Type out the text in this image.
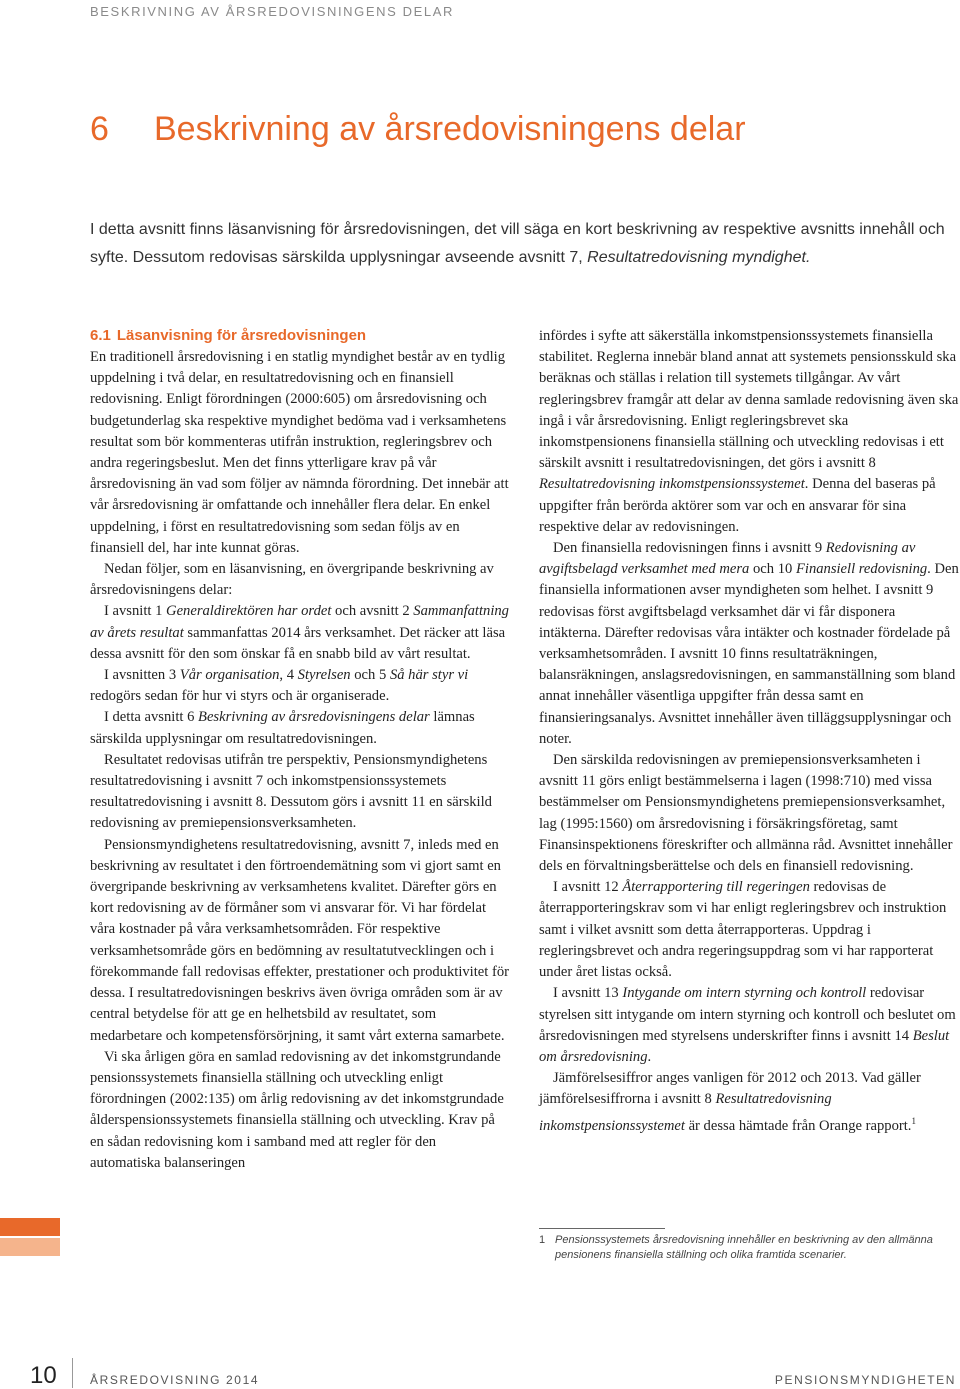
BESKRIVNING AV ÅRSREDOVISNINGENS DELAR
6 Beskrivning av årsredovisningens delar
I detta avsnitt finns läsanvisning för årsredovisningen, det vill säga en kort beskrivning av respektive avsnitts innehåll och syfte. Dessutom redovisas särskilda upplysningar avseende avsnitt 7, Resultatredovisning myndighet.
6.1 Läsanvisning för årsredovisningen

En traditionell årsredovisning i en statlig myndighet består av en tydlig uppdelning i två delar, en resultatredovisning och en finansiell redovisning. Enligt förordningen (2000:605) om årsredovisning och budgetunderlag ska respektive myndighet bedöma vad i verksamhetens resultat som bör kommenteras utifrån instruktion, regleringsbrev och andra regeringsbeslut. Men det finns ytterligare krav på vår årsredovisning än vad som följer av nämnda förordning. Det innebär att vår årsredovisning är omfattande och innehåller flera delar. En enkel uppdelning, i först en resultatredovisning som sedan följs av en finansiell del, har inte kunnat göras.

Nedan följer, som en läsanvisning, en övergripande beskrivning av årsredovisningens delar:

I avsnitt 1 Generaldirektören har ordet och avsnitt 2 Sammanfattning av årets resultat sammanfattas 2014 års verksamhet. Det räcker att läsa dessa avsnitt för den som önskar få en snabb bild av vårt resultat.

I avsnitten 3 Vår organisation, 4 Styrelsen och 5 Så här styr vi redogörs sedan för hur vi styrs och är organiserade.

I detta avsnitt 6 Beskrivning av årsredovisningens delar lämnas särskilda upplysningar om resultatredovisningen.

Resultatet redovisas utifrån tre perspektiv, Pensionsmyndighetens resultatredovisning i avsnitt 7 och inkomstpensionssystemets resultatredovisning i avsnitt 8. Dessutom görs i avsnitt 11 en särskild redovisning av premiepensionsverksamheten.

Pensionsmyndighetens resultatredovisning, avsnitt 7, inleds med en beskrivning av resultatet i den förtroendemätning som vi gjort samt en övergripande beskrivning av verksamhetens kvalitet. Därefter görs en kort redovisning av de förmåner som vi ansvarar för. Vi har fördelat våra kostnader på våra verksamhetsområden. För respektive verksamhetsområde görs en bedömning av resultatutvecklingen och i förekommande fall redovisas effekter, prestationer och produktivitet för dessa. I resultatredovisningen beskrivs även övriga områden som är av central betydelse för att ge en helhetsbild av resultatet, som medarbetare och kompetensförsörjning, it samt vårt externa samarbete.

Vi ska årligen göra en samlad redovisning av det inkomstgrundande pensionssystemets finansiella ställning och utveckling enligt förordningen (2002:135) om årlig redovisning av det inkomstgrundade ålderspensionssystemets finansiella ställning och utveckling. Krav på en sådan redovisning kom i samband med att regler för den automatiska balanseringen

infördes i syfte att säkerställa inkomstpensionssystemets finansiella stabilitet. Reglerna innebär bland annat att systemets pensionsskuld ska beräknas och ställas i relation till systemets tillgångar. Av vårt regleringsbrev framgår att delar av denna samlade redovisning även ska ingå i vår årsredovisning. Enligt regleringsbrevet ska inkomstpensionens finansiella ställning och utveckling redovisas i ett särskilt avsnitt i resultatredovisningen, det görs i avsnitt 8 Resultatredovisning inkomstpensionssystemet. Denna del baseras på uppgifter från berörda aktörer som var och en ansvarar för sina respektive delar av redovisningen.

Den finansiella redovisningen finns i avsnitt 9 Redovisning av avgiftsbelagd verksamhet med mera och 10 Finansiell redovisning. Den finansiella informationen avser myndigheten som helhet. I avsnitt 9 redovisas först avgiftsbelagd verksamhet där vi får disponera intäkterna. Därefter redovisas våra intäkter och kostnader fördelade på verksamhetsområden. I avsnitt 10 finns resultaträkningen, balansräkningen, anslagsredovisningen, en sammanställning som bland annat innehåller väsentliga uppgifter från dessa samt en finansieringsanalys. Avsnittet innehåller även tilläggsupplysningar och noter.

Den särskilda redovisningen av premiepensionsverksamheten i avsnitt 11 görs enligt bestämmelserna i lagen (1998:710) med vissa bestämmelser om Pensionsmyndighetens premiepensionsverksamhet, lag (1995:1560) om årsredovisning i försäkringsföretag, samt Finansinspektionens föreskrifter och allmänna råd. Avsnittet innehåller dels en förvaltningsberättelse och dels en finansiell redovisning.

I avsnitt 12 Återrapportering till regeringen redovisas de återrapporteringskrav som vi har enligt regleringsbrev och instruktion samt i vilket avsnitt som detta återrapporteras. Uppdrag i regleringsbrevet och andra regeringsuppdrag som vi har rapporterat under året listas också.

I avsnitt 13 Intygande om intern styrning och kontroll redovisar styrelsen sitt intygande om intern styrning och kontroll och beslutet om årsredovisningen med styrelsens underskrifter finns i avsnitt 14 Beslut om årsredovisning.

Jämförelsesiffror anges vanligen för 2012 och 2013. Vad gäller jämförelsesiffrorna i avsnitt 8 Resultatredovisning inkomstpensionssystemet är dessa hämtade från Orange rapport.$^1$

1 Pensionssystemets årsredovisning innehåller en beskrivning av den allmänna pensionens finansiella ställning och olika framtida scenarier.
10	ÅRSREDOVISNING 2014	PENSIONSMYNDIGHETEN
